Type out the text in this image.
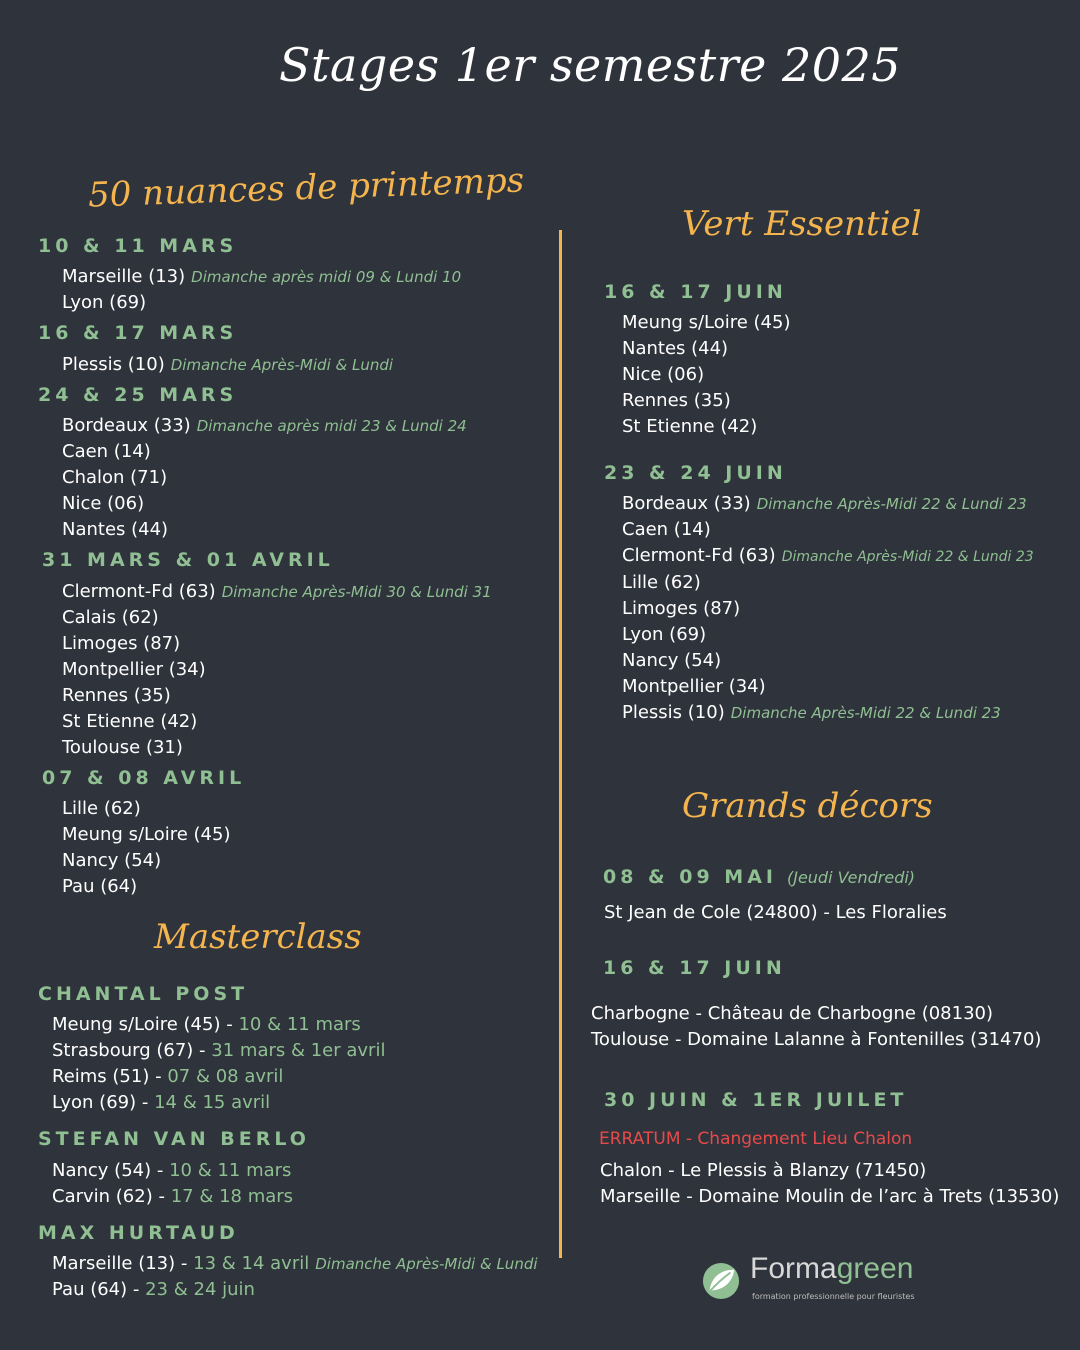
Stages 1er semestre 2025
50 nuances de printemps
10 & 11 MARS
Marseille (13) Dimanche après midi 09 & Lundi 10
Lyon (69)
16 & 17 MARS
Plessis (10) Dimanche Après-Midi & Lundi
24 & 25 MARS
Bordeaux (33) Dimanche après midi 23 & Lundi 24
Caen (14)
Chalon (71)
Nice (06)
Nantes (44)
31 MARS & 01 AVRIL
Clermont-Fd (63) Dimanche Après-Midi 30 & Lundi 31
Calais (62)
Limoges (87)
Montpellier (34)
Rennes (35)
St Etienne (42)
Toulouse (31)
07 & 08 AVRIL
Lille (62)
Meung s/Loire (45)
Nancy (54)
Pau (64)
Masterclass
CHANTAL POST
Meung s/Loire (45) - 10 & 11 mars
Strasbourg (67) - 31 mars & 1er avril
Reims (51) - 07 & 08 avril
Lyon (69) - 14 & 15 avril
STEFAN VAN BERLO
Nancy (54) - 10 & 11 mars
Carvin (62) - 17 & 18 mars
MAX HURTAUD
Marseille (13) - 13 & 14 avril Dimanche Après-Midi & Lundi
Pau (64) - 23 & 24 juin
Vert Essentiel
16 & 17 JUIN
Meung s/Loire (45)
Nantes (44)
Nice (06)
Rennes (35)
St Etienne (42)
23 & 24 JUIN
Bordeaux (33) Dimanche Après-Midi 22 & Lundi 23
Caen (14)
Clermont-Fd (63) Dimanche Après-Midi 22 & Lundi 23
Lille (62)
Limoges (87)
Lyon (69)
Nancy (54)
Montpellier (34)
Plessis (10) Dimanche Après-Midi 22 & Lundi 23
Grands décors
08 & 09 MAI (Jeudi Vendredi)
St Jean de Cole (24800) - Les Floralies
16 & 17 JUIN
Charbogne - Château de Charbogne (08130)
Toulouse - Domaine Lalanne à Fontenilles (31470)
30 JUIN & 1ER JUILET
ERRATUM - Changement Lieu Chalon
Chalon - Le Plessis à Blanzy (71450)
Marseille - Domaine Moulin de l’arc à Trets (13530)
Formagreen
formation professionnelle pour fleuristes
